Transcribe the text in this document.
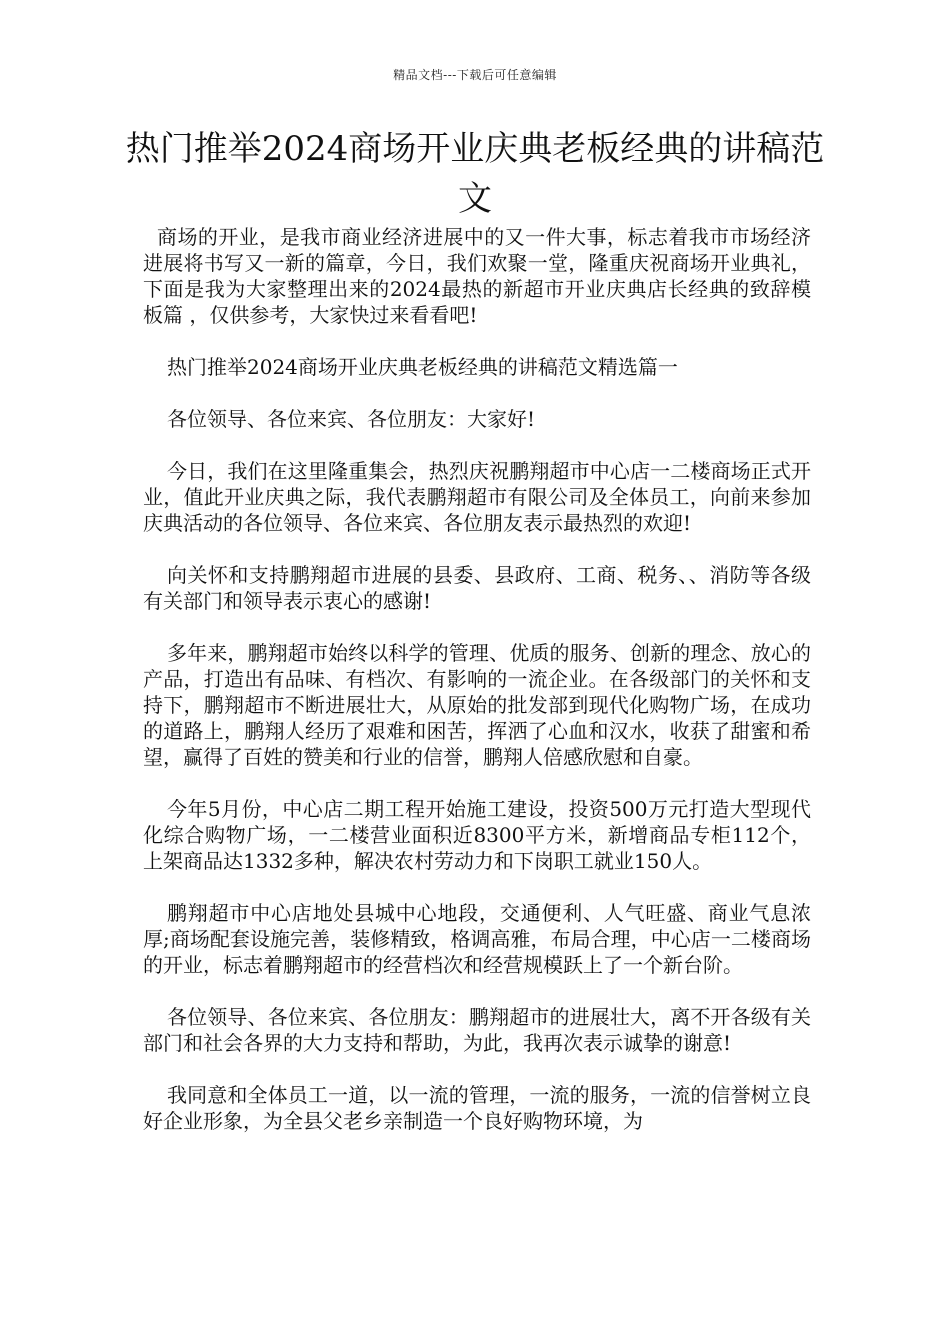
精品文档---下载后可任意编辑
热门推举2024商场开业庆典老板经典的讲稿范文

商场的开业，是我市商业经济进展中的又一件大事，标志着我市市场经济进展将书写又一新的篇章，今日，我们欢聚一堂，隆重庆祝商场开业典礼，下面是我为大家整理出来的2024最热的新超市开业庆典店长经典的致辞模板篇 ，仅供参考，大家快过来看看吧!

热门推举2024商场开业庆典老板经典的讲稿范文精选篇一

各位领导、各位来宾、各位朋友：大家好!

今日，我们在这里隆重集会，热烈庆祝鹏翔超市中心店一二楼商场正式开业，值此开业庆典之际，我代表鹏翔超市有限公司及全体员工，向前来参加庆典活动的各位领导、各位来宾、各位朋友表示最热烈的欢迎!

向关怀和支持鹏翔超市进展的县委、县政府、工商、税务、、消防等各级有关部门和领导表示衷心的感谢!

多年来，鹏翔超市始终以科学的管理、优质的服务、创新的理念、放心的产品，打造出有品味、有档次、有影响的一流企业。在各级部门的关怀和支持下，鹏翔超市不断进展壮大，从原始的批发部到现代化购物广场，在成功的道路上，鹏翔人经历了艰难和困苦，挥洒了心血和汉水，收获了甜蜜和希望，赢得了百姓的赞美和行业的信誉，鹏翔人倍感欣慰和自豪。

今年5月份，中心店二期工程开始施工建设，投资500万元打造大型现代化综合购物广场，一二楼营业面积近8300平方米，新增商品专柜112个，上架商品达1332多种，解决农村劳动力和下岗职工就业150人。

鹏翔超市中心店地处县城中心地段，交通便利、人气旺盛、商业气息浓厚;商场配套设施完善，装修精致，格调高雅，布局合理，中心店一二楼商场的开业，标志着鹏翔超市的经营档次和经营规模跃上了一个新台阶。

各位领导、各位来宾、各位朋友：鹏翔超市的进展壮大，离不开各级有关部门和社会各界的大力支持和帮助，为此，我再次表示诚挚的谢意!

我同意和全体员工一道，以一流的管理，一流的服务，一流的信誉树立良好企业形象，为全县父老乡亲制造一个良好购物环境，为
